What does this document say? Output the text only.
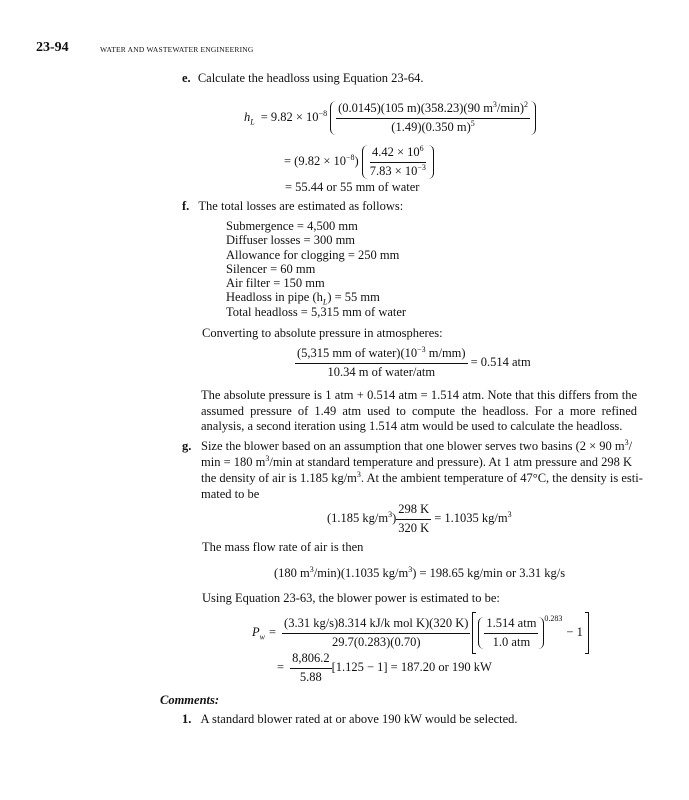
23-94	WATER AND WASTEWATER ENGINEERING
e. Calculate the headloss using Equation 23-64.
$h_L = 9.82 \times 10^{-8} \frac{(0.0145)(105 m)(358.23)(90 m^3/\min)^2}{(1.49)(0.350 m)^5}$
= $(9.82 \times 10^{-8}) \frac{4.42 \times 10^6}{7.83 \times 10^{-3}}$
= 55.44 or 55 mm of water
f. The total losses are estimated as follows:
Submergence = 4,500 mm
Diffuser losses = 300 mm
Allowance for clogging = 250 mm
Silencer = 60 mm
Air filter = 150 mm
Headloss in pipe $(h_L) = 55$ mm
Total headloss = 5,315 mm of water
Converting to absolute pressure in atmospheres:
$\frac{(5,315 mm of water)(10^{-3} m/mm)}{\text{10.34 m of water/atm}} = 0.514$ atm
The absolute pressure is 1 atm + 0.514 atm = 1.514 atm. Note that this differs from the assumed pressure of 1.49 atm used to compute the headloss. For a more refined analysis, a second iteration using 1.514 atm would be used to calculate the headloss.
g. Size the blower based on an assumption that one blower serves two basins (2 × 90 $m^3/$
min = 180 $m^3/\min$ at standard temperature and pressure). At 1 atm pressure and 298 K
the density of air is 1.185 $kg/m^3$. At the ambient temperature of 47°C, the density is esti-
mated to be
(1.185 $kg/m^3) \frac{298 K}{320 K} = 1.1035$ $kg/m^3$
The mass flow rate of air is then
(180 $m^3/\min)(1.1035$ $kg/m^3) = 198.65$ kg/min or 3.31 kg/s
Using Equation 23-63, the blower power is estimated to be:
$P_w = \frac{\text{(3.31 kg/s)8.314 kJ/k mol K)(320 K)}}{29.7(0.283)(0.70)} \frac{\text{1.514 atm}}{\text{1.0 atm}} 0.283$
− 1
= $\frac{8,806.2}{5.88} [1.125 - 1] = 187.20$ or 190 kW
Comments:
1. A standard blower rated at or above 190 kW would be selected.
